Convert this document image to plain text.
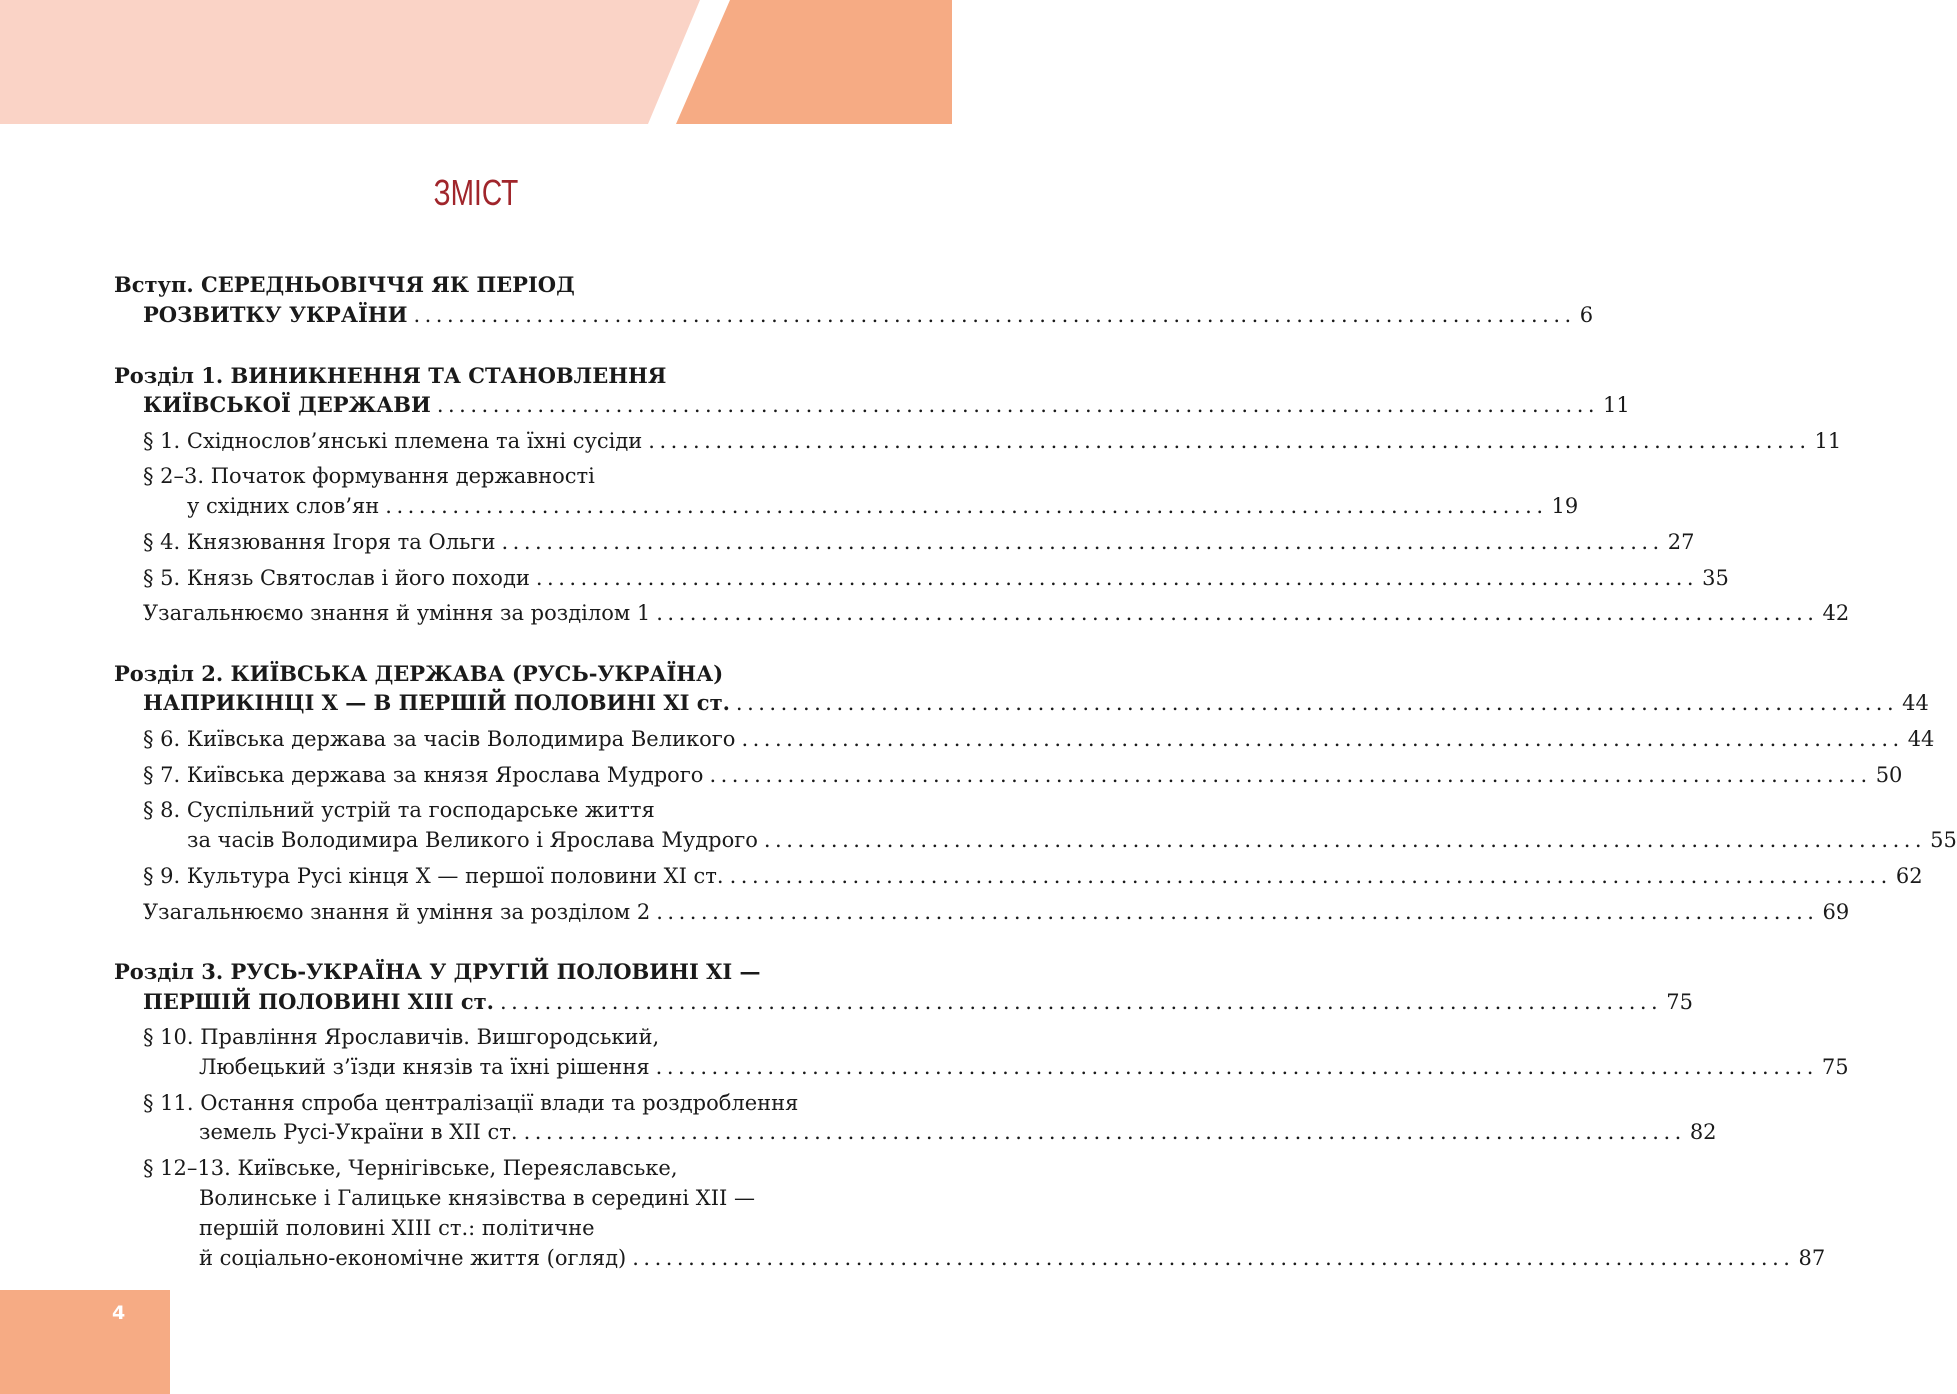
ЗМІСТ
Вступ. СЕРЕДНЬОВІЧЧЯ ЯК ПЕРІОД
РОЗВИТКУ УКРАЇНИ ........................................................................................................ 6
Розділ 1. ВИНИКНЕННЯ ТА СТАНОВЛЕННЯ
КИЇВСЬКОЇ ДЕРЖАВИ ........................................................................................................ 11
§ 1. Східнослов’янські племена та їхні сусіди ........................................................................................................ 11
§ 2–3. Початок формування державності
у східних слов’ян ........................................................................................................ 19
§ 4. Князювання Ігоря та Ольги ........................................................................................................ 27
§ 5. Князь Святослав і його походи ........................................................................................................ 35
Узагальнюємо знання й уміння за розділом 1 ........................................................................................................ 42
Розділ 2. КИЇВСЬКА ДЕРЖАВА (РУСЬ-УКРАЇНА)
НАПРИКІНЦІ X — В ПЕРШІЙ ПОЛОВИНІ XI ст. ........................................................................................................ 44
§ 6. Київська держава за часів Володимира Великого ........................................................................................................ 44
§ 7. Київська держава за князя Ярослава Мудрого ........................................................................................................ 50
§ 8. Суспільний устрій та господарське життя
за часів Володимира Великого і Ярослава Мудрого ........................................................................................................ 55
§ 9. Культура Русі кінця X — першої половини XI ст. ........................................................................................................ 62
Узагальнюємо знання й уміння за розділом 2 ........................................................................................................ 69
Розділ 3. РУСЬ-УКРАЇНА У ДРУГІЙ ПОЛОВИНІ XI —
ПЕРШІЙ ПОЛОВИНІ XIII ст. ........................................................................................................ 75
§ 10. Правління Ярославичів. Вишгородський,
Любецький з’їзди князів та їхні рішення ........................................................................................................ 75
§ 11. Остання спроба централізації влади та роздроблення
земель Русі-України в XII ст. ........................................................................................................ 82
§ 12–13. Київське, Чернігівське, Переяславське,
Волинське і Галицьке князівства в середині XII —
першій половині XIII ст.: політичне
й соціально-економічне життя (огляд) ........................................................................................................ 87
4
